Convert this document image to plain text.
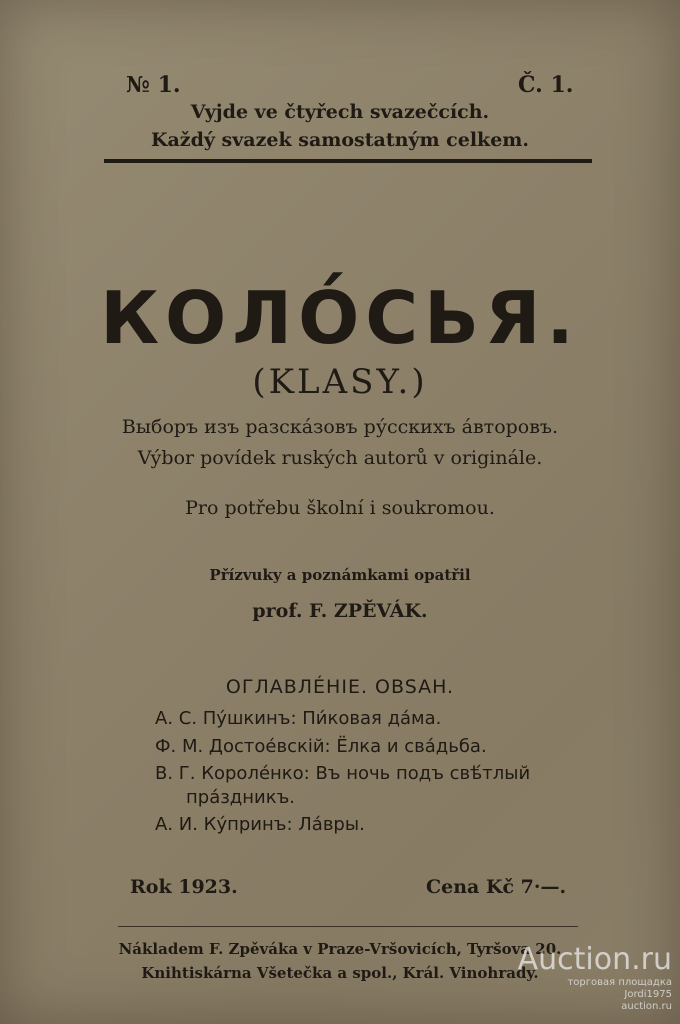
№ 1.	Č. 1.
Vyjde ve čtyřech svazečcích.
Každý svazek samostatným celkem.
КОЛО́СЬЯ.
(KLASY.)
Выборъ изъ разска́зовъ ру́сскихъ а́второвъ.
Výbor povídek ruských autorů v originále.
Pro potřebu školní i soukromou.
Přízvuky a poznámkami opatřil
prof. F. ZPĚVÁK.
ОГЛАВЛÉНІЕ. OBSAH.
А. С. Пу́шкинъ: Пи́ковая да́ма.
Ф. М. Достое́вскій: Ёлка и сва́дьба.
В. Г. Короле́нко: Въ ночь подъ свѣ́тлый
пра́здникъ.
А. И. Ку́принъ: Ла́вры.
Rok 1923.	Cena Kč 7·—.
Nákladem F. Zpěváka v Praze-Vršovicích, Tyršova 20.
Knihtiskárna Všetečka a spol., Král. Vinohrady.
Auction.ru
торговая площадка
Jordi1975
auction.ru
